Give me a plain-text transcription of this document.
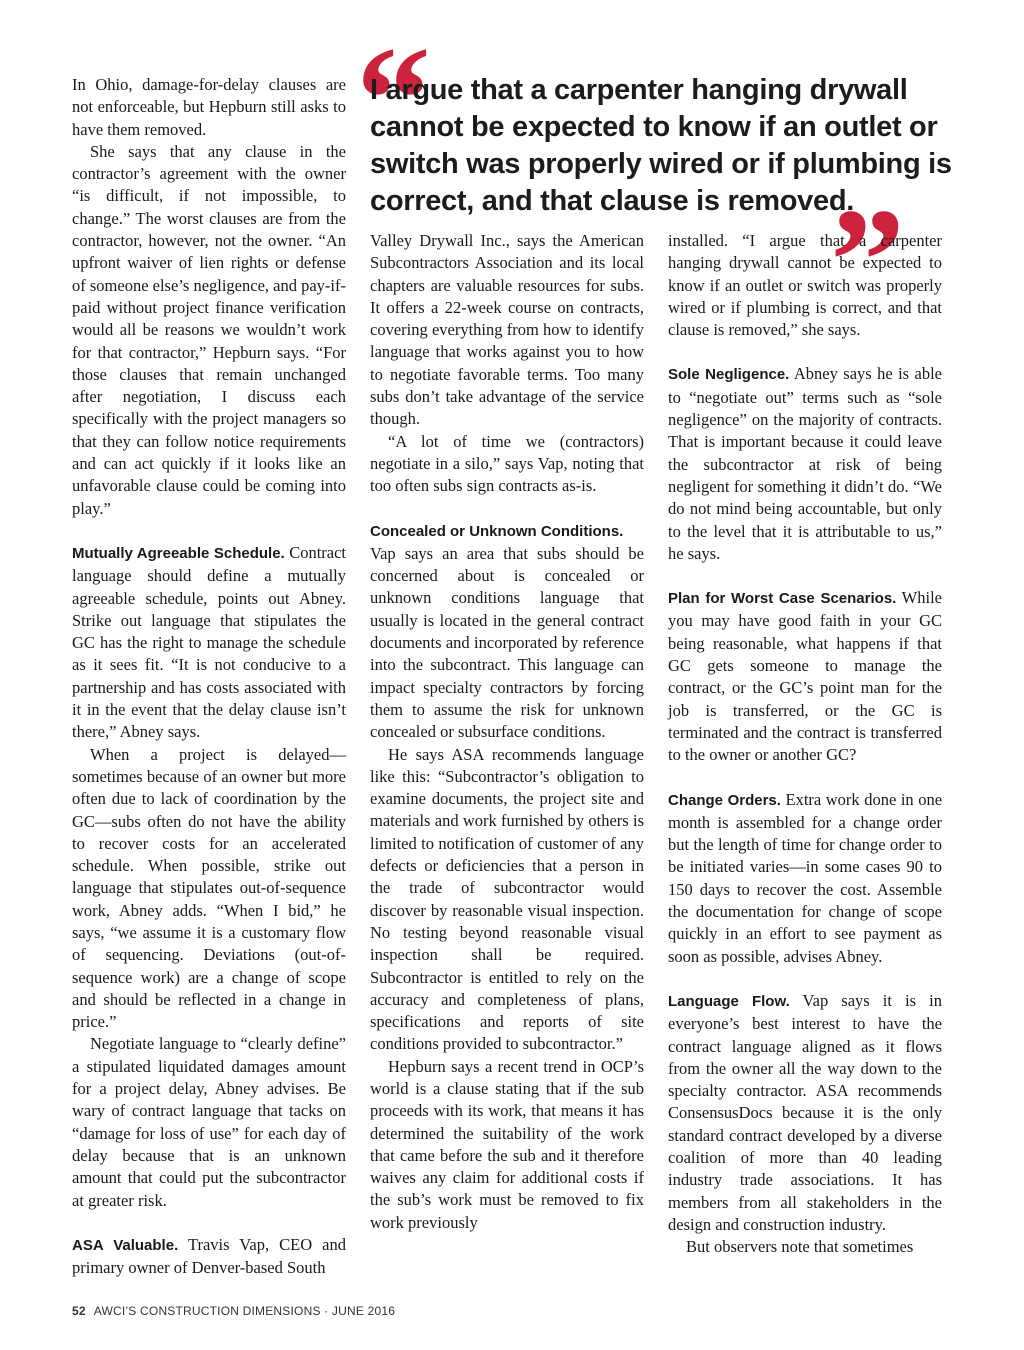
“
I argue that a carpenter hanging drywall cannot be expected to know if an outlet or switch was properly wired or if plumbing is correct, and that clause is removed.
”

In Ohio, damage-for-delay clauses are not enforceable, but Hepburn still asks to have them removed.

She says that any clause in the contractor’s agreement with the owner “is difficult, if not impossible, to change.” The worst clauses are from the contractor, however, not the owner. “An upfront waiver of lien rights or defense of someone else’s negligence, and pay-if-paid without project finance verification would all be reasons we wouldn’t work for that contractor,” Hepburn says. “For those clauses that remain unchanged after negotiation, I discuss each specifically with the project managers so that they can follow notice requirements and can act quickly if it looks like an unfavorable clause could be coming into play.”

Mutually Agreeable Schedule. Contract language should define a mutually agreeable schedule, points out Abney. Strike out language that stipulates the GC has the right to manage the schedule as it sees fit. “It is not conducive to a partnership and has costs associated with it in the event that the delay clause isn’t there,” Abney says.

When a project is delayed—sometimes because of an owner but more often due to lack of coordination by the GC—subs often do not have the ability to recover costs for an accelerated schedule. When possible, strike out language that stipulates out-of-sequence work, Abney adds. “When I bid,” he says, “we assume it is a customary flow of sequencing. Deviations (out-of-sequence work) are a change of scope and should be reflected in a change in price.”

Negotiate language to “clearly define” a stipulated liquidated damages amount for a project delay, Abney advises. Be wary of contract language that tacks on “damage for loss of use” for each day of delay because that is an unknown amount that could put the subcontractor at greater risk.

ASA Valuable. Travis Vap, CEO and primary owner of Denver-based South

Valley Drywall Inc., says the American Subcontractors Association and its local chapters are valuable resources for subs. It offers a 22-week course on contracts, covering everything from how to identify language that works against you to how to negotiate favorable terms. Too many subs don’t take advantage of the service though.

“A lot of time we (contractors) negotiate in a silo,” says Vap, noting that too often subs sign contracts as-is.

Concealed or Unknown Conditions.

Vap says an area that subs should be concerned about is concealed or unknown conditions language that usually is located in the general contract documents and incorporated by reference into the subcontract. This language can impact specialty contractors by forcing them to assume the risk for unknown concealed or subsurface conditions.

He says ASA recommends language like this: “Subcontractor’s obligation to examine documents, the project site and materials and work furnished by others is limited to notification of customer of any defects or deficiencies that a person in the trade of subcontractor would discover by reasonable visual inspection. No testing beyond reasonable visual inspection shall be required. Subcontractor is entitled to rely on the accuracy and completeness of plans, specifications and reports of site conditions provided to subcontractor.”

Hepburn says a recent trend in OCP’s world is a clause stating that if the sub proceeds with its work, that means it has determined the suitability of the work that came before the sub and it therefore waives any claim for additional costs if the sub’s work must be removed to fix work previously

installed. “I argue that a carpenter hanging drywall cannot be expected to know if an outlet or switch was properly wired or if plumbing is correct, and that clause is removed,” she says.

Sole Negligence. Abney says he is able to “negotiate out” terms such as “sole negligence” on the majority of contracts. That is important because it could leave the subcontractor at risk of being negligent for something it didn’t do. “We do not mind being accountable, but only to the level that it is attributable to us,” he says.

Plan for Worst Case Scenarios. While you may have good faith in your GC being reasonable, what happens if that GC gets someone to manage the contract, or the GC’s point man for the job is transferred, or the GC is terminated and the contract is transferred to the owner or another GC?

Change Orders. Extra work done in one month is assembled for a change order but the length of time for change order to be initiated varies—in some cases 90 to 150 days to recover the cost. Assemble the documentation for change of scope quickly in an effort to see payment as soon as possible, advises Abney.

Language Flow. Vap says it is in everyone’s best interest to have the contract language aligned as it flows from the owner all the way down to the specialty contractor. ASA recommends ConsensusDocs because it is the only standard contract developed by a diverse coalition of more than 40 leading industry trade associations. It has members from all stakeholders in the design and construction industry.

But observers note that sometimes

52 AWCI’S CONSTRUCTION DIMENSIONS · JUNE 2016
